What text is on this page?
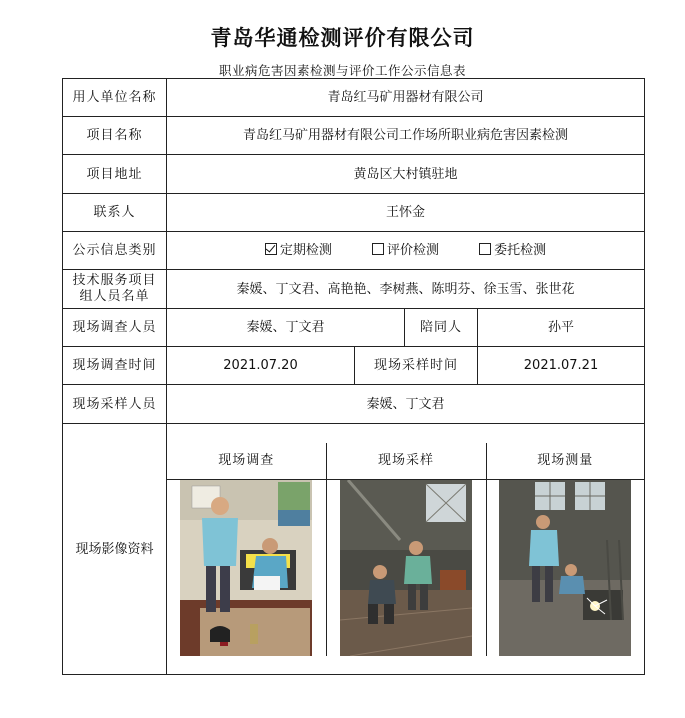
青岛华通检测评价有限公司
职业病危害因素检测与评价工作公示信息表
用人单位名称	青岛红马矿用器材有限公司
项目名称	青岛红马矿用器材有限公司工作场所职业病危害因素检测
项目地址	黄岛区大村镇驻地
联系人	王怀金
公示信息类别	定期检测	评价检测	委托检测
技术服务项目组人员名单	秦媛、丁文君、高艳艳、李树燕、陈明芬、徐玉雪、张世花
现场调查人员	秦媛、丁文君	陪同人	孙平
现场调查时间	2021.07.20	现场采样时间	2021.07.21
现场采样人员	秦媛、丁文君
现场影像资料	
现场调查	现场采样	现场测量
